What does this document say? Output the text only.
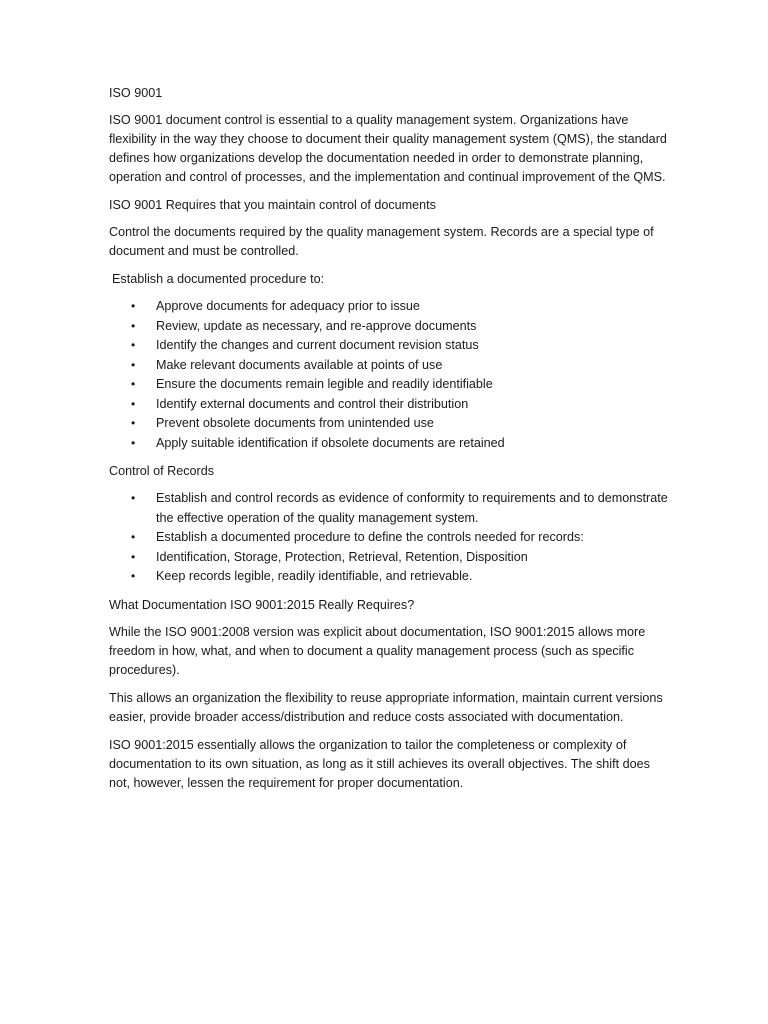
ISO 9001

ISO 9001 document control is essential to a quality management system. Organizations have flexibility in the way they choose to document their quality management system (QMS), the standard defines how organizations develop the documentation needed in order to demonstrate planning, operation and control of processes, and the implementation and continual improvement of the QMS.

ISO 9001 Requires that you maintain control of documents

Control the documents required by the quality management system. Records are a special type of document and must be controlled.

Establish a documented procedure to:

• Approve documents for adequacy prior to issue
• Review, update as necessary, and re-approve documents
• Identify the changes and current document revision status
• Make relevant documents available at points of use
• Ensure the documents remain legible and readily identifiable
• Identify external documents and control their distribution
• Prevent obsolete documents from unintended use
• Apply suitable identification if obsolete documents are retained
Control of Records
• Establish and control records as evidence of conformity to requirements and to demonstrate the effective operation of the quality management system.
• Establish a documented procedure to define the controls needed for records:
• Identification, Storage, Protection, Retrieval, Retention, Disposition
• Keep records legible, readily identifiable, and retrievable.
What Documentation ISO 9001:2015 Really Requires?

While the ISO 9001:2008 version was explicit about documentation, ISO 9001:2015 allows more freedom in how, what, and when to document a quality management process (such as specific procedures).

This allows an organization the flexibility to reuse appropriate information, maintain current versions easier, provide broader access/distribution and reduce costs associated with documentation.

ISO 9001:2015 essentially allows the organization to tailor the completeness or complexity of documentation to its own situation, as long as it still achieves its overall objectives. The shift does not, however, lessen the requirement for proper documentation.
